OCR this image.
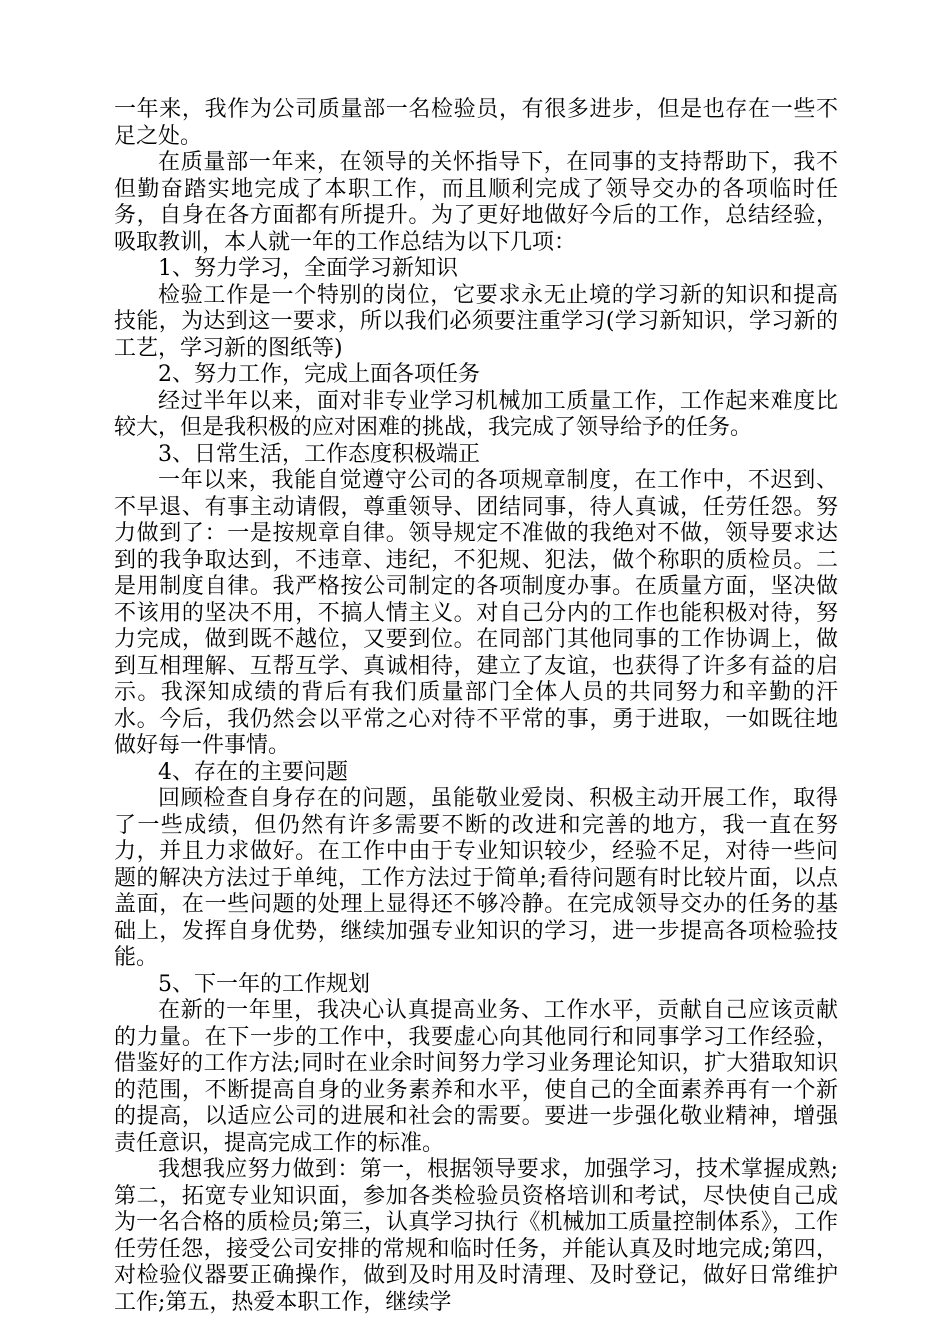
一年来，我作为公司质量部一名检验员，有很多进步，但是也存在一些不足之处。

在质量部一年来，在领导的关怀指导下，在同事的支持帮助下，我不但勤奋踏实地完成了本职工作，而且顺利完成了领导交办的各项临时任务，自身在各方面都有所提升。为了更好地做好今后的工作，总结经验，吸取教训，本人就一年的工作总结为以下几项：

1、努力学习，全面学习新知识

检验工作是一个特别的岗位，它要求永无止境的学习新的知识和提高技能，为达到这一要求，所以我们必须要注重学习(学习新知识，学习新的工艺，学习新的图纸等)

2、努力工作，完成上面各项任务

经过半年以来，面对非专业学习机械加工质量工作，工作起来难度比较大，但是我积极的应对困难的挑战，我完成了领导给予的任务。

3、日常生活，工作态度积极端正

一年以来，我能自觉遵守公司的各项规章制度，在工作中，不迟到、不早退、有事主动请假，尊重领导、团结同事，待人真诚，任劳任怨。努力做到了：一是按规章自律。领导规定不准做的我绝对不做，领导要求达到的我争取达到，不违章、违纪，不犯规、犯法，做个称职的质检员。二是用制度自律。我严格按公司制定的各项制度办事。在质量方面，坚决做不该用的坚决不用，不搞人情主义。对自己分内的工作也能积极对待，努力完成，做到既不越位，又要到位。在同部门其他同事的工作协调上，做到互相理解、互帮互学、真诚相待，建立了友谊，也获得了许多有益的启示。我深知成绩的背后有我们质量部门全体人员的共同努力和辛勤的汗水。今后，我仍然会以平常之心对待不平常的事，勇于进取，一如既往地做好每一件事情。

4、存在的主要问题

回顾检查自身存在的问题，虽能敬业爱岗、积极主动开展工作，取得了一些成绩，但仍然有许多需要不断的改进和完善的地方，我一直在努力，并且力求做好。在工作中由于专业知识较少，经验不足，对待一些问题的解决方法过于单纯，工作方法过于简单;看待问题有时比较片面，以点盖面，在一些问题的处理上显得还不够冷静。在完成领导交办的任务的基础上，发挥自身优势，继续加强专业知识的学习，进一步提高各项检验技能。

5、下一年的工作规划

在新的一年里，我决心认真提高业务、工作水平，贡献自己应该贡献的力量。在下一步的工作中，我要虚心向其他同行和同事学习工作经验，借鉴好的工作方法;同时在业余时间努力学习业务理论知识，扩大猎取知识的范围，不断提高自身的业务素养和水平，使自己的全面素养再有一个新的提高，以适应公司的进展和社会的需要。要进一步强化敬业精神，增强责任意识，提高完成工作的标准。

我想我应努力做到：第一，根据领导要求，加强学习，技术掌握成熟;第二，拓宽专业知识面，参加各类检验员资格培训和考试，尽快使自己成为一名合格的质检员;第三，认真学习执行《机械加工质量控制体系》，工作任劳任怨，接受公司安排的常规和临时任务，并能认真及时地完成;第四，对检验仪器要正确操作，做到及时用及时清理、及时登记，做好日常维护工作;第五，热爱本职工作，继续学
